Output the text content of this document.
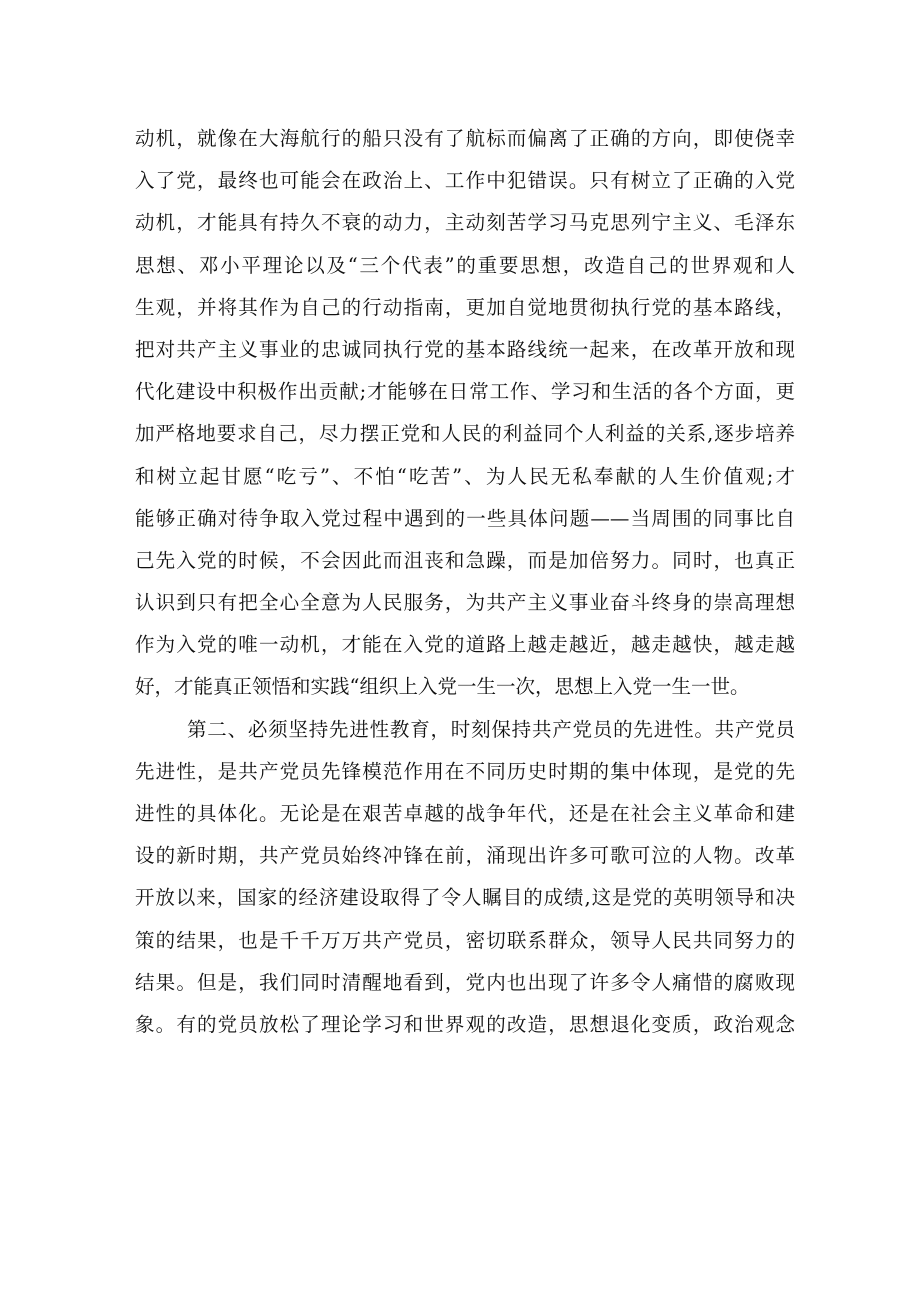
动机，就像在大海航行的船只没有了航标而偏离了正确的方向，即使侥幸
入了党，最终也可能会在政治上、工作中犯错误。只有树立了正确的入党
动机，才能具有持久不衰的动力，主动刻苦学习马克思列宁主义、毛泽东
思想、邓小平理论以及“三个代表”的重要思想，改造自己的世界观和人
生观，并将其作为自己的行动指南，更加自觉地贯彻执行党的基本路线，
把对共产主义事业的忠诚同执行党的基本路线统一起来，在改革开放和现
代化建设中积极作出贡献;才能够在日常工作、学习和生活的各个方面，更
加严格地要求自己，尽力摆正党和人民的利益同个人利益的关系,逐步培养
和树立起甘愿“吃亏”、不怕“吃苦”、为人民无私奉献的人生价值观;才
能够正确对待争取入党过程中遇到的一些具体问题——当周围的同事比自
己先入党的时候，不会因此而沮丧和急躁，而是加倍努力。同时，也真正
认识到只有把全心全意为人民服务，为共产主义事业奋斗终身的崇高理想
作为入党的唯一动机，才能在入党的道路上越走越近，越走越快，越走越
好，才能真正领悟和实践“组织上入党一生一次，思想上入党一生一世。
第二、必须坚持先进性教育，时刻保持共产党员的先进性。共产党员
先进性，是共产党员先锋模范作用在不同历史时期的集中体现，是党的先
进性的具体化。无论是在艰苦卓越的战争年代，还是在社会主义革命和建
设的新时期，共产党员始终冲锋在前，涌现出许多可歌可泣的人物。改革
开放以来，国家的经济建设取得了令人瞩目的成绩,这是党的英明领导和决
策的结果，也是千千万万共产党员，密切联系群众，领导人民共同努力的
结果。但是，我们同时清醒地看到，党内也出现了许多令人痛惜的腐败现
象。有的党员放松了理论学习和世界观的改造，思想退化变质，政治观念
